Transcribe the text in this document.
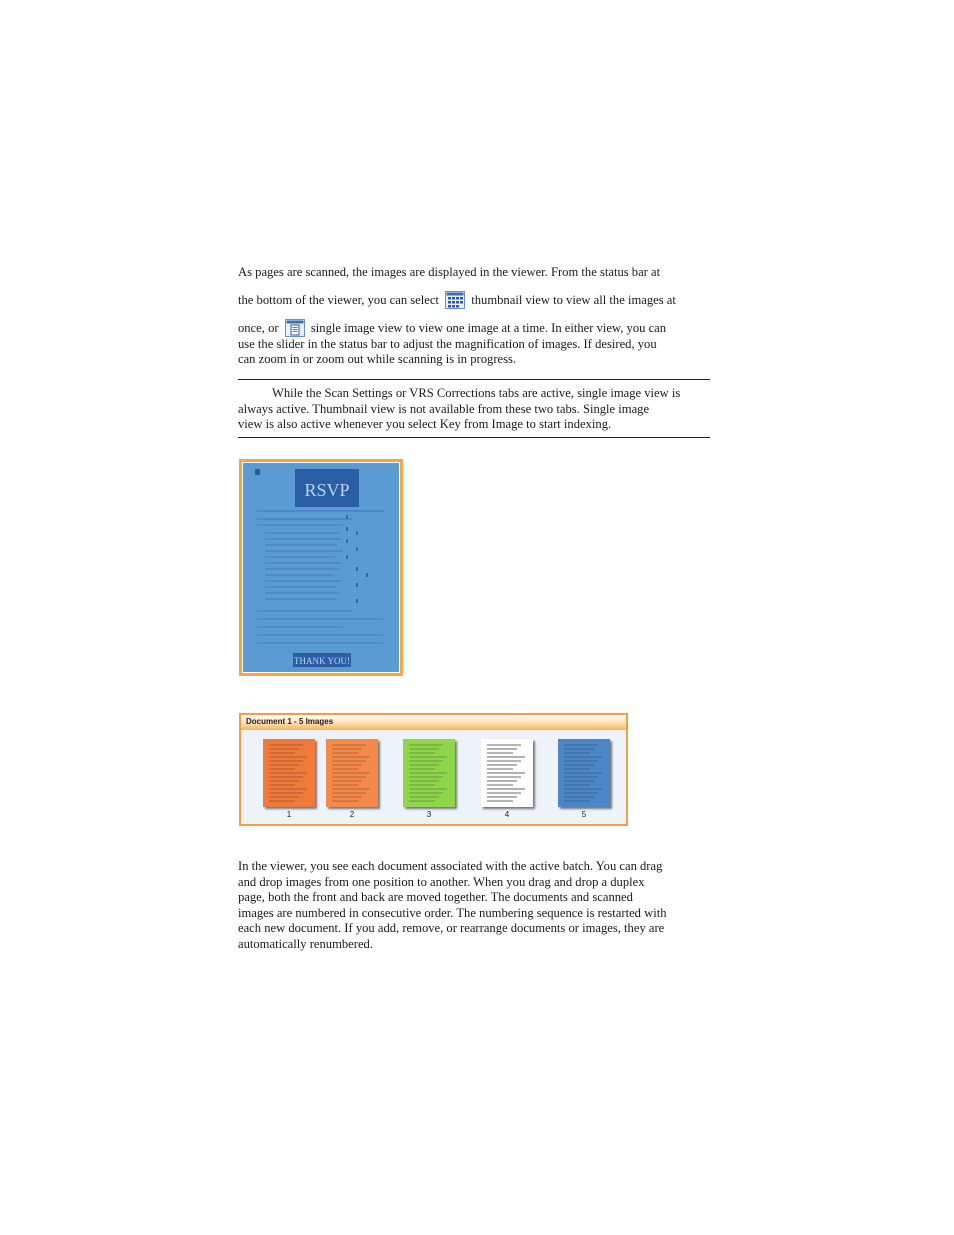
As pages are scanned, the images are displayed in the viewer. From the status bar at
the bottom of the viewer, you can select	thumbnail view to view all the images at
once, or	single image view to view one image at a time. In either view, you can
use the slider in the status bar to adjust the magnification of images. If desired, you
can zoom in or zoom out while scanning is in progress.
While the Scan Settings or VRS Corrections tabs are active, single image view is
always active. Thumbnail view is not available from these two tabs. Single image
view is also active whenever you select Key from Image to start indexing.
RSVP
THANK YOU!
Document 1 - 5 Images
1	2	3	4	5
In the viewer, you see each document associated with the active batch. You can drag
and drop images from one position to another. When you drag and drop a duplex
page, both the front and back are moved together. The documents and scanned
images are numbered in consecutive order. The numbering sequence is restarted with
each new document. If you add, remove, or rearrange documents or images, they are
automatically renumbered.
